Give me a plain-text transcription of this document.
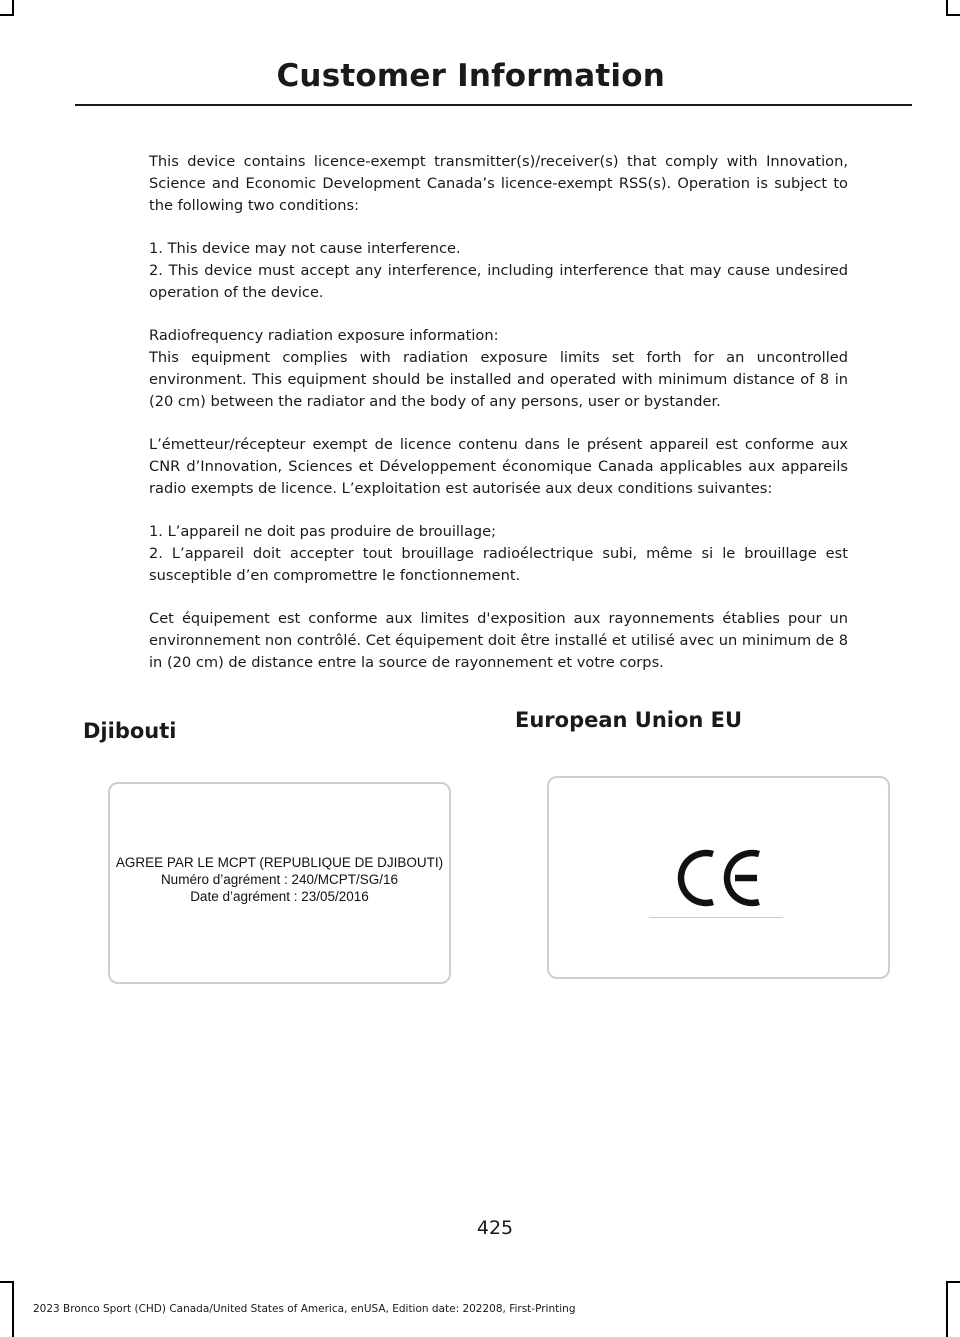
Customer Information

This device contains licence-exempt transmitter(s)/receiver(s) that comply with Innovation, Science and Economic Development Canada’s licence-exempt RSS(s). Operation is subject to the following two conditions:

1. This device may not cause interference.

2. This device must accept any interference, including interference that may cause undesired operation of the device.

Radiofrequency radiation exposure information:

This equipment complies with radiation exposure limits set forth for an uncontrolled environment. This equipment should be installed and operated with minimum distance of 8 in (20 cm) between the radiator and the body of any persons, user or bystander.

L’émetteur/récepteur exempt de licence contenu dans le présent appareil est conforme aux CNR d’Innovation, Sciences et Développement économique Canada applicables aux appareils radio exempts de licence. L’exploitation est autorisée aux deux conditions suivantes:

1. L’appareil ne doit pas produire de brouillage;

2. L’appareil doit accepter tout brouillage radioélectrique subi, même si le brouillage est susceptible d’en compromettre le fonctionnement.

Cet équipement est conforme aux limites d'exposition aux rayonnements établies pour un environnement non contrôlé. Cet équipement doit être installé et utilisé avec un minimum de 8 in (20 cm) de distance entre la source de rayonnement et votre corps.

Djibouti	European Union EU
AGREE PAR LE MCPT (REPUBLIQUE DE DJIBOUTI)
Numéro d’agrément : 240/MCPT/SG/16
Date d’agrément : 23/05/2016
425
2023 Bronco Sport (CHD) Canada/United States of America, enUSA, Edition date: 202208, First-Printing
